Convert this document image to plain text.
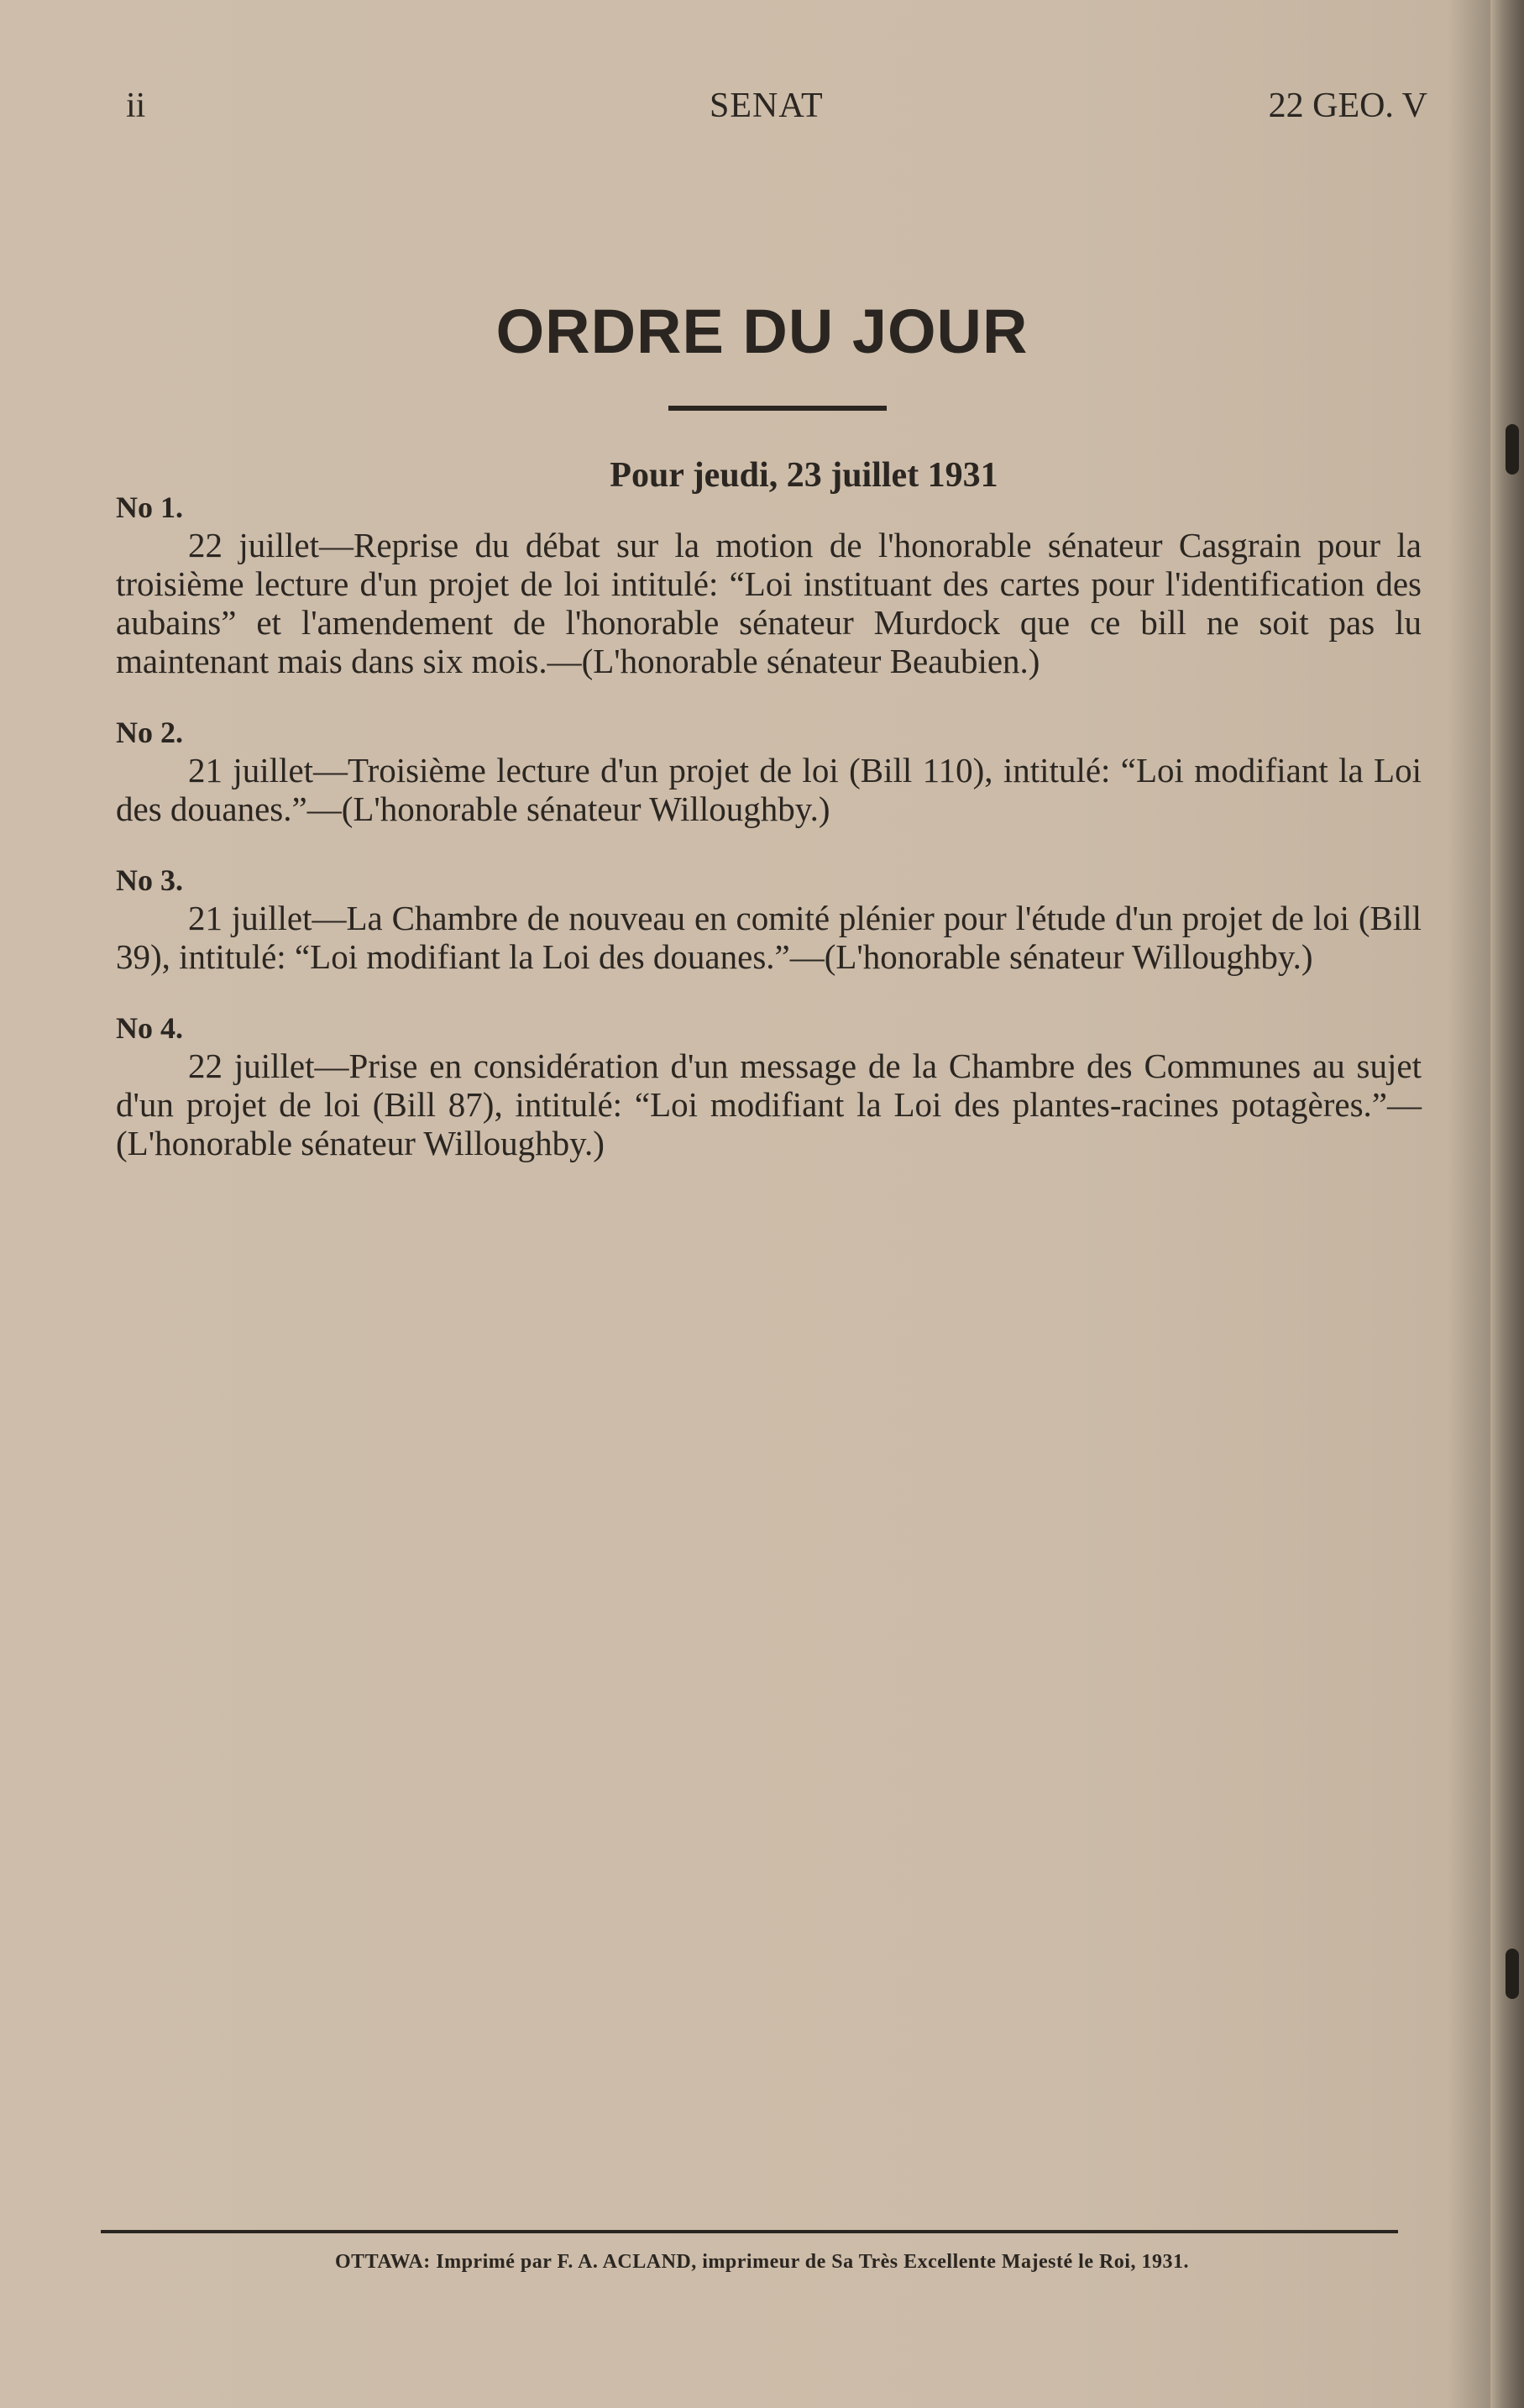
ii	SENAT	22 GEO. V
ORDRE DU JOUR
Pour jeudi, 23 juillet 1931
No 1.
22 juillet—Reprise du débat sur la motion de l'honorable sénateur Casgrain pour la troisième lecture d'un projet de loi intitulé: “Loi instituant des cartes pour l'identification des aubains” et l'amendement de l'honorable sénateur Murdock que ce bill ne soit pas lu maintenant mais dans six mois.—(L'honorable sénateur Beaubien.)
No 2.
21 juillet—Troisième lecture d'un projet de loi (Bill 110), intitulé: “Loi modifiant la Loi des douanes.”—(L'honorable sénateur Willoughby.)
No 3.
21 juillet—La Chambre de nouveau en comité plénier pour l'étude d'un projet de loi (Bill 39), intitulé: “Loi modifiant la Loi des douanes.”—(L'honorable sénateur Willoughby.)
No 4.
22 juillet—Prise en considération d'un message de la Chambre des Communes au sujet d'un projet de loi (Bill 87), intitulé: “Loi modifiant la Loi des plantes-racines potagères.”—(L'honorable sénateur Willoughby.)
OTTAWA: Imprimé par F. A. ACLAND, imprimeur de Sa Très Excellente Majesté le Roi, 1931.
